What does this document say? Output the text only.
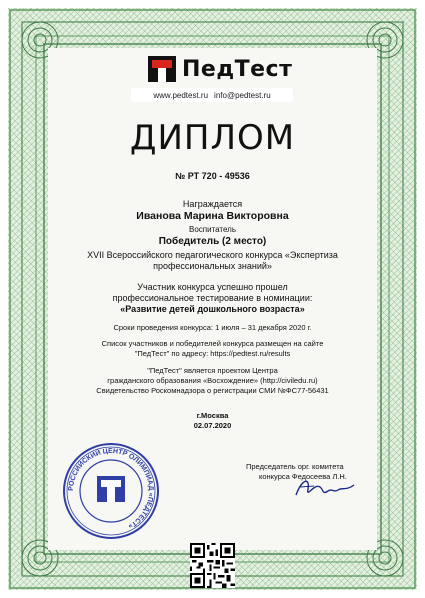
ПедТест
www.pedtest.ru info@pedtest.ru
ДИПЛОМ
№ РТ 720 - 49536
Награждается
Иванова Марина Викторовна
Воспитатель
Победитель (2 место)
XVII Всероссийского педагогического конкурса «Экспертиза
профессиональных знаний»
Участник конкурса успешно прошел
профессиональное тестирование в номинации:
«Развитие детей дошкольного возраста»
Сроки проведения конкурса: 1 июля – 31 декабря 2020 г.
Список участников и победителей конкурса размещен на сайте
"ПедТест" по адресу: https://pedtest.ru/results
"ПедТест" является проектом Центра
гражданского образования «Восхождение» (http://civiledu.ru)
Свидетельство Роскомнадзора о регистрации СМИ №ФС77-56431
г.Москва
02.07.2020
РОССИЙСКИЙ ЦЕНТР ОЛИМПИАД «ПЕДТЕСТ»
Председатель орг. комитета
конкурса Федосеева Л.Н.
